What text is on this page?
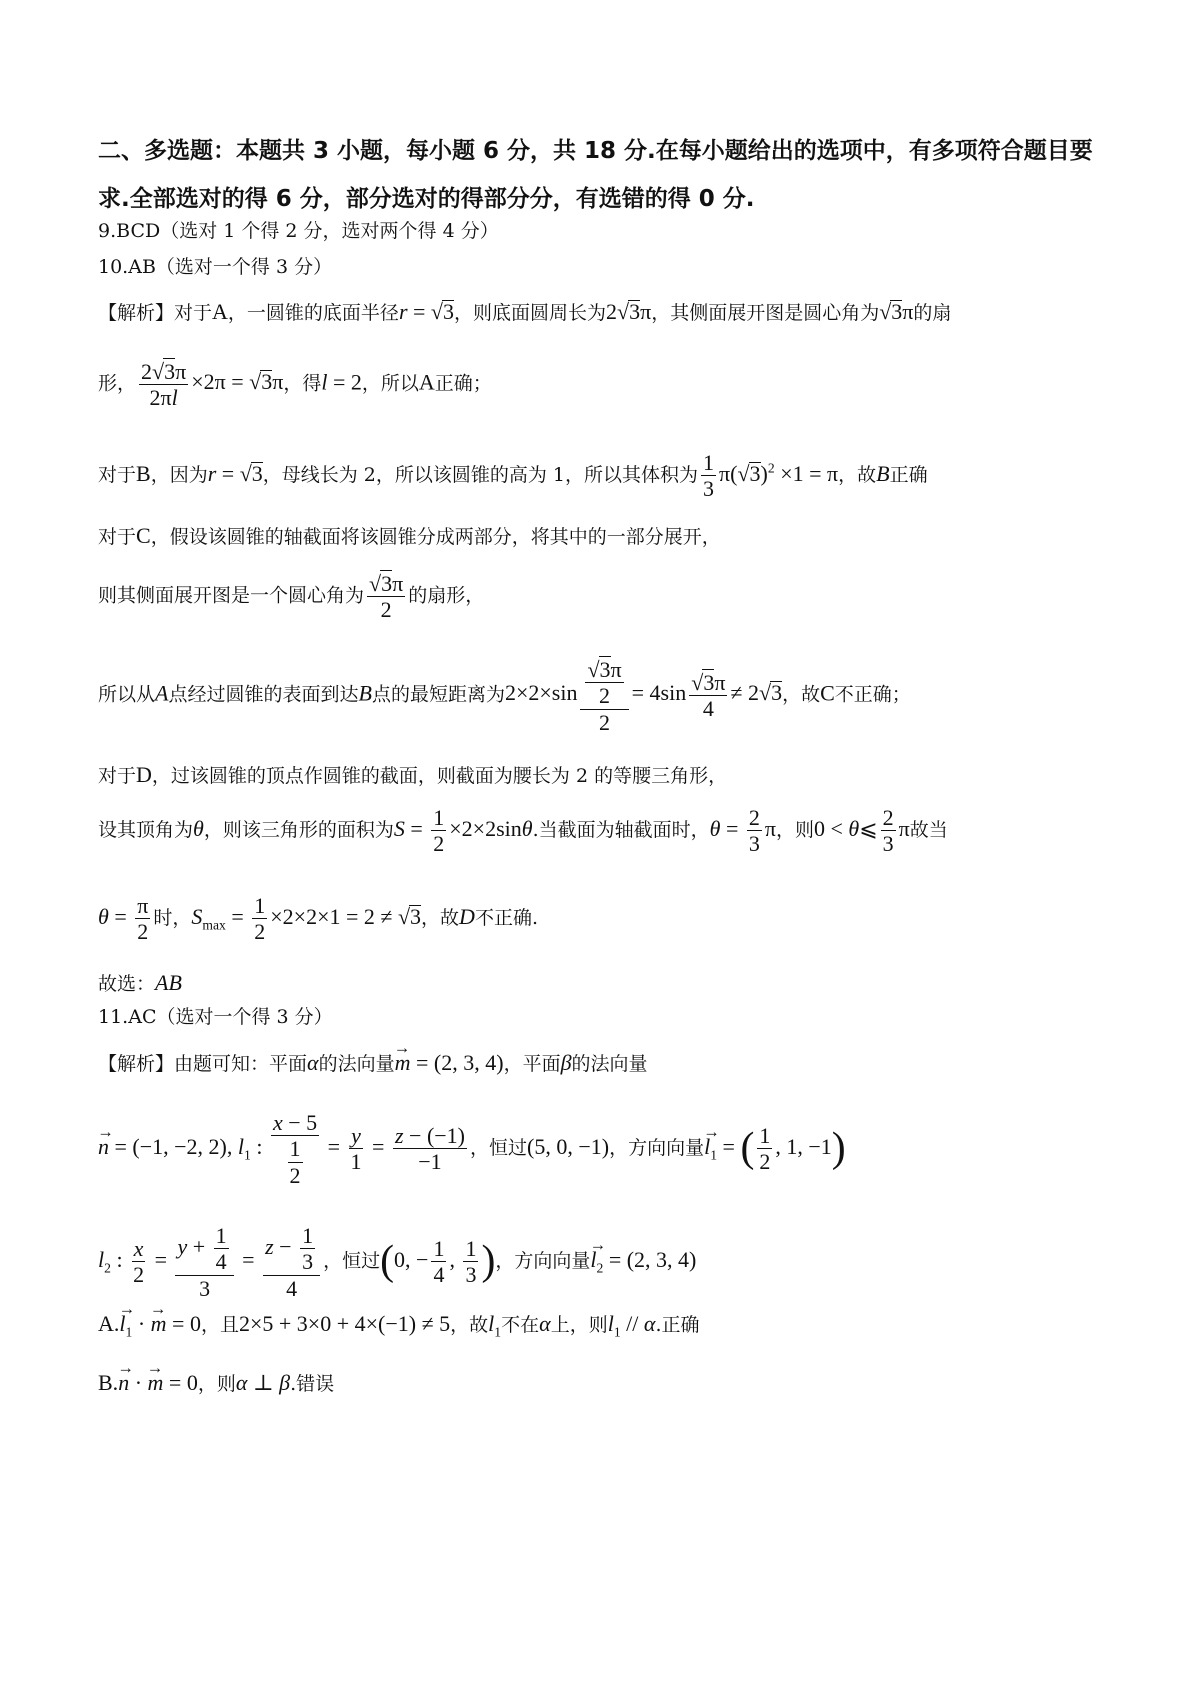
二、多选题：本题共 3 小题，每小题 6 分，共 18 分.在每小题给出的选项中，有多项符合题目要
求.全部选对的得 6 分，部分选对的得部分分，有选错的得 0 分.
9.BCD（选对 1 个得 2 分，选对两个得 4 分）
10.AB（选对一个得 3 分）
【解析】对于A，一圆锥的底面半径r = √3，则底面圆周长为2√3π，其侧面展开图是圆心角为√3π的扇
形， $\frac{2√3\pi}{2\pi l} \times 2\pi = √3\pi$，得l = 2，所以A正确；
对于B，因为r = √3，母线长为 2，所以该圆锥的高为 1，所以其体积为 $\frac{1}{3} \pi(√3)^2 \times 1 = \pi$，故B正确
对于C，假设该圆锥的轴截面将该圆锥分成两部分，将其中的一部分展开，
则其侧面展开图是一个圆心角为 $\frac{√3\pi}{2}$ 的扇形，
所以从A点经过圆锥的表面到达B点的最短距离为$2\times 2\times\sin \frac{\frac{√3\pi}{2}}{2} = 4\sin \frac{√3\pi}{4} \ne 2√3$，故C不正确；
对于D，过该圆锥的顶点作圆锥的截面，则截面为腰长为 2 的等腰三角形，
设其顶角为θ，则该三角形的面积为$S = \frac{1}{2} \times 2\times 2\sin\theta$.当截面为轴截面时，$\theta = \frac{2}{3}$ π，则0 < θ⩽ $\frac{2}{3}$ π故当
$\theta = \frac{\pi}{2}$ 时，$S_{max} = \frac{1}{2} \times 2\times 2\times 1 = 2 \ne √3$，故D不正确.
故选：AB
11.AC（选对一个得 3 分）
【解析】由题可知：平面α的法向量→ m = (2, 3, 4)，平面β的法向量
→ n = (−1, −2, 2), $l_1$ : $\frac{x - 5}{\frac{1}{2}} = \frac{y}{1} = \frac{z - (-1)}{-1}$ ，恒过(5, 0, −1)，方向向量→ $l_1$ = ( $\frac{1}{2}$ , 1, −1)
$l_2$ : $\frac{x}{2} = \frac{y + \frac{1}{4}}{3} = \frac{z - \frac{1}{3}}{4}$ ，恒过(0, − $\frac{1}{4}$ , $\frac{1}{3}$ )，方向向量→ $l_2 = (2$, 3, 4)
$A.\to l_1$ · → m = 0，且2×5 + 3×0 + 4×(−1) ≠ 5，故$l_1$不在α上，则$l_1$ // α.正确
B.→ n · → m = 0，则α ⊥ β.错误
